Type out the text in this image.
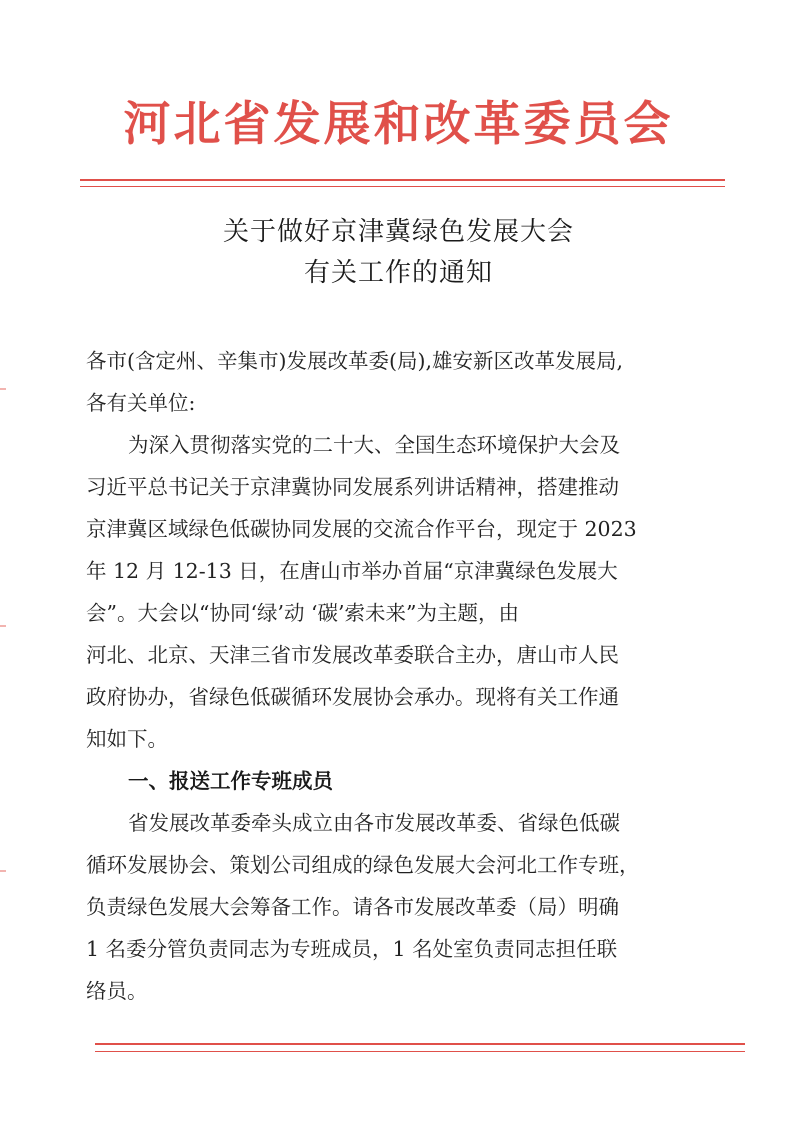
河北省发展和改革委员会
关于做好京津冀绿色发展大会
有关工作的通知
各市(含定州、辛集市)发展改革委(局),雄安新区改革发展局,
各有关单位:
为深入贯彻落实党的二十大、全国生态环境保护大会及
习近平总书记关于京津冀协同发展系列讲话精神，搭建推动
京津冀区域绿色低碳协同发展的交流合作平台，现定于 2023
年 12 月 12-13 日，在唐山市举办首届“京津冀绿色发展大
会”。大会以“协同‘绿’动 ‘碳’索未来”为主题，由
河北、北京、天津三省市发展改革委联合主办，唐山市人民
政府协办，省绿色低碳循环发展协会承办。现将有关工作通
知如下。
一、报送工作专班成员
省发展改革委牵头成立由各市发展改革委、省绿色低碳
循环发展协会、策划公司组成的绿色发展大会河北工作专班，
负责绿色发展大会筹备工作。请各市发展改革委（局）明确
1 名委分管负责同志为专班成员，1 名处室负责同志担任联
络员。
